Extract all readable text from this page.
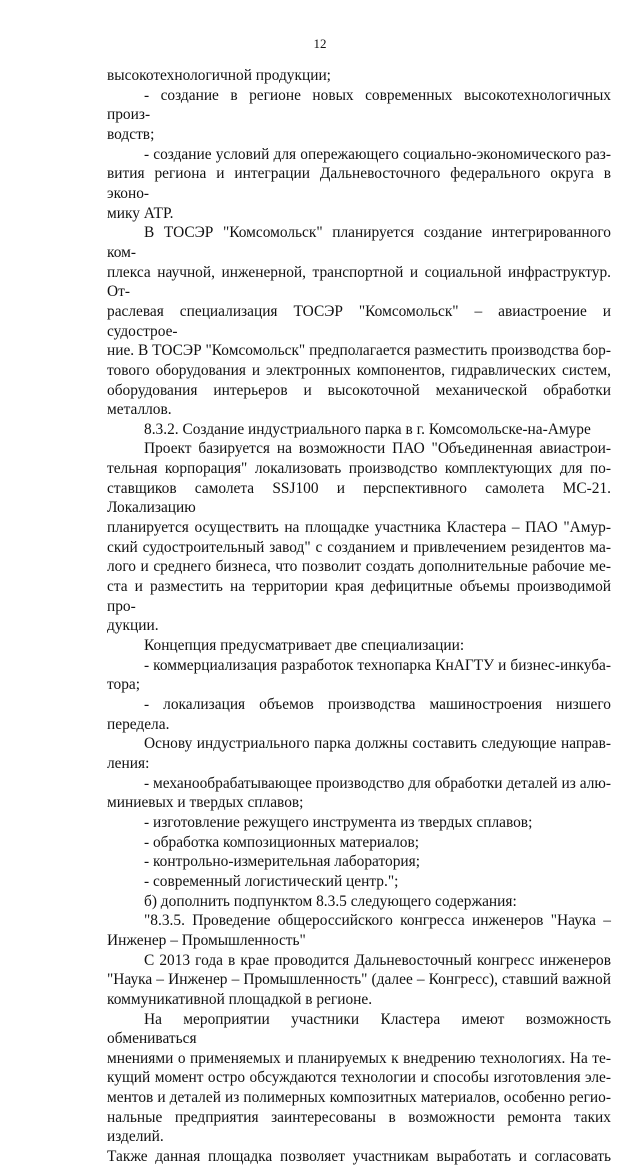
12
высокотехнологичной продукции;
- создание в регионе новых современных высокотехнологичных произ-
водств;
- создание условий для опережающего социально-экономического раз-
вития региона и интеграции Дальневосточного федерального округа в эконо-
мику АТР.
В ТОСЭР "Комсомольск" планируется создание интегрированного ком-
плекса научной, инженерной, транспортной и социальной инфраструктур. От-
раслевая специализация ТОСЭР "Комсомольск" – авиастроение и судострое-
ние. В ТОСЭР "Комсомольск" предполагается разместить производства бор-
тового оборудования и электронных компонентов, гидравлических систем,
оборудования интерьеров и высокоточной механической обработки металлов.
8.3.2. Создание индустриального парка в г. Комсомольске-на-Амуре
Проект базируется на возможности ПАО "Объединенная авиастрои-
тельная корпорация" локализовать производство комплектующих для по-
ставщиков самолета SSJ100 и перспективного самолета МС-21. Локализацию
планируется осуществить на площадке участника Кластера – ПАО "Амур-
ский судостроительный завод" с созданием и привлечением резидентов ма-
лого и среднего бизнеса, что позволит создать дополнительные рабочие ме-
ста и разместить на территории края дефицитные объемы производимой про-
дукции.
Концепция предусматривает две специализации:
- коммерциализация разработок технопарка КнАГТУ и бизнес-инкуба-
тора;
- локализация объемов производства машиностроения низшего передела.
Основу индустриального парка должны составить следующие направ-
ления:
- механообрабатывающее производство для обработки деталей из алю-
миниевых и твердых сплавов;
- изготовление режущего инструмента из твердых сплавов;
- обработка композиционных материалов;
- контрольно-измерительная лаборатория;
- современный логистический центр.";
б) дополнить подпунктом 8.3.5 следующего содержания:
"8.3.5. Проведение общероссийского конгресса инженеров "Наука –
Инженер – Промышленность"
С 2013 года в крае проводится Дальневосточный конгресс инженеров
"Наука – Инженер – Промышленность" (далее – Конгресс), ставший важной
коммуникативной площадкой в регионе.
На мероприятии участники Кластера имеют возможность обмениваться
мнениями о применяемых и планируемых к внедрению технологиях. На те-
кущий момент остро обсуждаются технологии и способы изготовления эле-
ментов и деталей из полимерных композитных материалов, особенно регио-
нальные предприятия заинтересованы в возможности ремонта таких изделий.
Также данная площадка позволяет участникам выработать и согласовать
